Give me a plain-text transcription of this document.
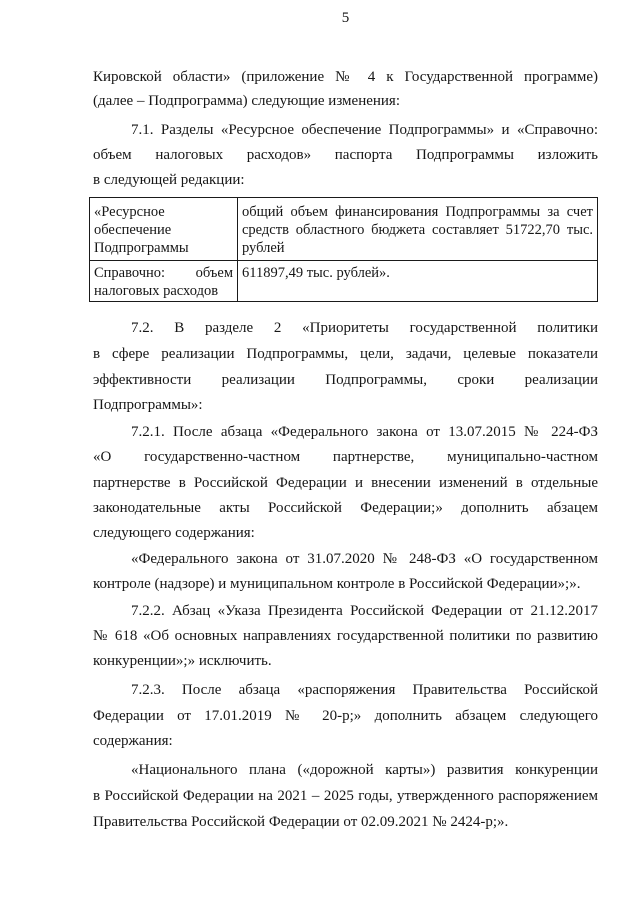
5
Кировской области» (приложение № 4 к Государственной программе)
(далее – Подпрограмма) следующие изменения:
7.1. Разделы «Ресурсное обеспечение Подпрограммы» и «Справочно:
объем налоговых расходов» паспорта Подпрограммы изложить
в следующей редакции:
«Ресурсное
обеспечение
Подпрограммы
общий объем финансирования Подпрограммы за счет
средств областного бюджета составляет 51722,70 тыс.
рублей
Справочно: объем
налоговых расходов
611897,49 тыс. рублей».
7.2. В разделе 2 «Приоритеты государственной политики
в сфере реализации Подпрограммы, цели, задачи, целевые показатели
эффективности реализации Подпрограммы, сроки реализации
Подпрограммы»:
7.2.1. После абзаца «Федерального закона от 13.07.2015 № 224-ФЗ
«О государственно-частном партнерстве, муниципально-частном
партнерстве в Российской Федерации и внесении изменений в отдельные
законодательные акты Российской Федерации;» дополнить абзацем
следующего содержания:
«Федерального закона от 31.07.2020 № 248-ФЗ «О государственном
контроле (надзоре) и муниципальном контроле в Российской Федерации»;».
7.2.2. Абзац «Указа Президента Российской Федерации от 21.12.2017
№ 618 «Об основных направлениях государственной политики по развитию
конкуренции»;» исключить.
7.2.3. После абзаца «распоряжения Правительства Российской
Федерации от 17.01.2019 № 20-р;» дополнить абзацем следующего
содержания:
«Национального плана («дорожной карты») развития конкуренции
в Российской Федерации на 2021 – 2025 годы, утвержденного распоряжением
Правительства Российской Федерации от 02.09.2021 № 2424-р;».
